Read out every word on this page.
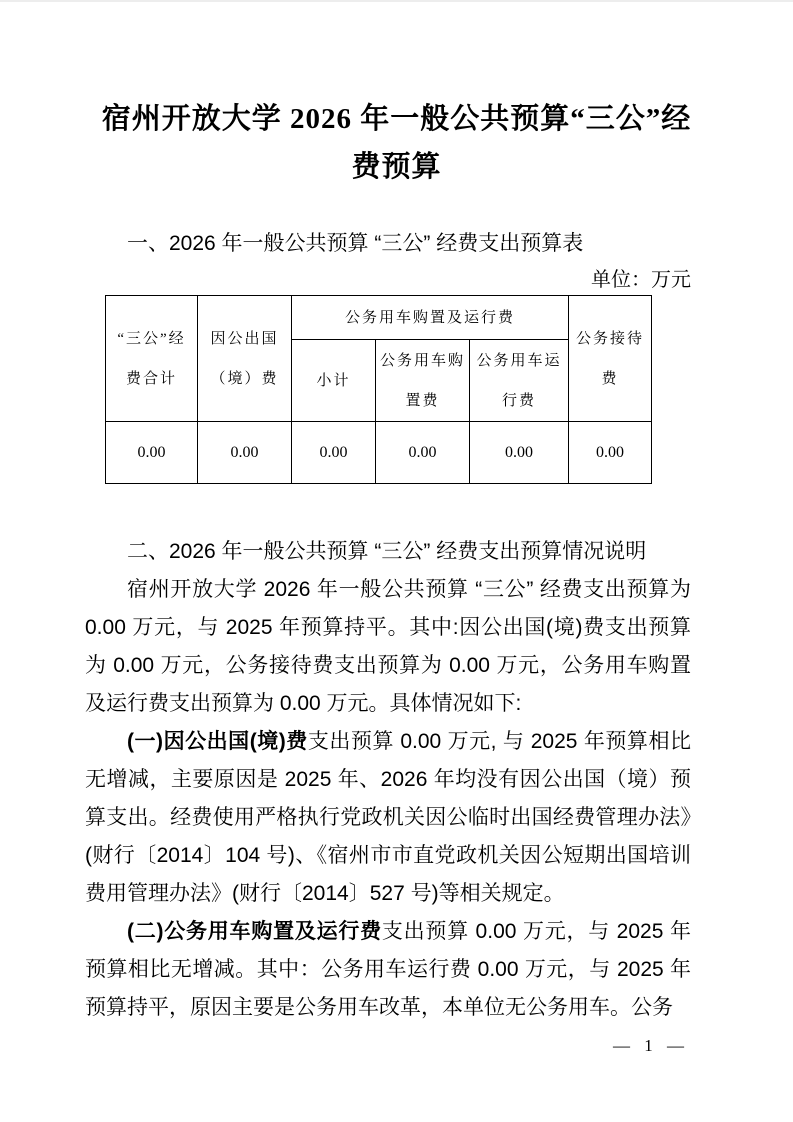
宿州开放大学 2026 年一般公共预算“三公”经费预算

一、2026 年一般公共预算 “三公” 经费支出预算表

单位：万元
“三公”经费合计	因公出国（境）费	公务用车购置及运行费			公务接待费
		小计	公务用车购置费	公务用车运行费	
0.00	0.00	0.00	0.00	0.00	0.00

二、2026 年一般公共预算 “三公” 经费支出预算情况说明

宿州开放大学 2026 年一般公共预算 “三公” 经费支出预算为 0.00 万元，与 2025 年预算持平。其中:因公出国(境)费支出预算为 0.00 万元，公务接待费支出预算为 0.00 万元，公务用车购置及运行费支出预算为 0.00 万元。具体情况如下:

(一)因公出国(境)费支出预算 0.00 万元, 与 2025 年预算相比无增减，主要原因是 2025 年、2026 年均没有因公出国（境）预算支出。经费使用严格执行党政机关因公临时出国经费管理办法》(财行〔2014〕104 号)、《宿州市市直党政机关因公短期出国培训费用管理办法》(财行〔2014〕527 号)等相关规定。

(二)公务用车购置及运行费支出预算 0.00 万元，与 2025 年预算相比无增减。其中：公务用车运行费 0.00 万元，与 2025 年预算持平，原因主要是公务用车改革，本单位无公务用车。公务

— 1 —
